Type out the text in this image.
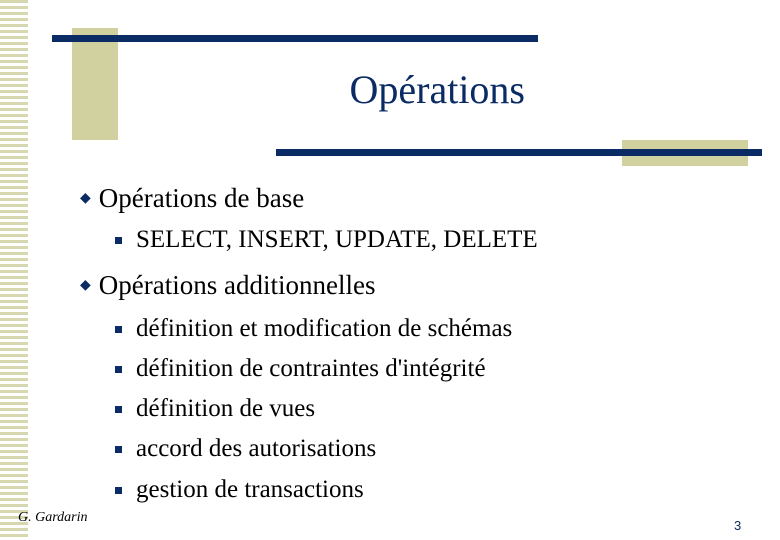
Opérations
◆ Opérations de base
SELECT, INSERT, UPDATE, DELETE
◆ Opérations additionnelles
définition et modification de schémas
définition de contraintes d'intégrité
définition de vues
accord des autorisations
gestion de transactions
G. Gardarin
3
